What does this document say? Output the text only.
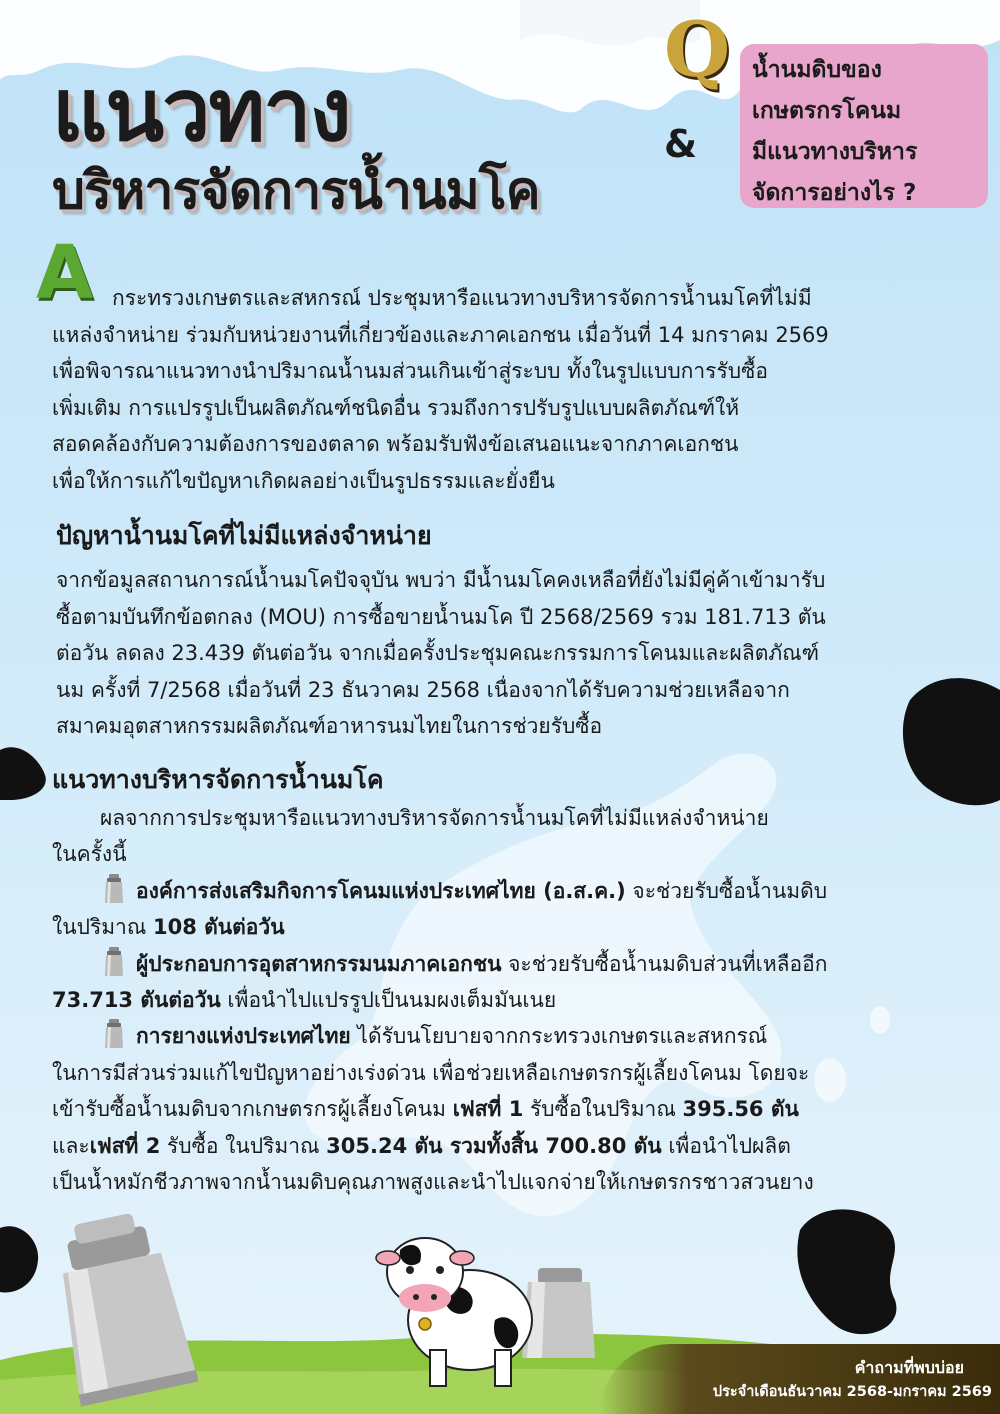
แนวทาง
บริหารจัดการน้ำนมโค
Q
&
น้ำนมดิบของ
เกษตรกรโคนม
มีแนวทางบริหาร
จัดการอย่างไร ?
A กระทรวงเกษตรและสหกรณ์ ประชุมหารือแนวทางบริหารจัดการน้ำนมโคที่ไม่มี
แหล่งจำหน่าย ร่วมกับหน่วยงานที่เกี่ยวข้องและภาคเอกชน เมื่อวันที่ 14 มกราคม 2569
เพื่อพิจารณาแนวทางนำปริมาณน้ำนมส่วนเกินเข้าสู่ระบบ ทั้งในรูปแบบการรับซื้อ
เพิ่มเติม การแปรรูปเป็นผลิตภัณฑ์ชนิดอื่น รวมถึงการปรับรูปแบบผลิตภัณฑ์ให้
สอดคล้องกับความต้องการของตลาด พร้อมรับฟังข้อเสนอแนะจากภาคเอกชน
เพื่อให้การแก้ไขปัญหาเกิดผลอย่างเป็นรูปธรรมและยั่งยืน
ปัญหาน้ำนมโคที่ไม่มีแหล่งจำหน่าย
จากข้อมูลสถานการณ์น้ำนมโคปัจจุบัน พบว่า มีน้ำนมโคคงเหลือที่ยังไม่มีคู่ค้าเข้ามารับ
ซื้อตามบันทึกข้อตกลง (MOU) การซื้อขายน้ำนมโค ปี 2568/2569 รวม 181.713 ตัน
ต่อวัน ลดลง 23.439 ตันต่อวัน จากเมื่อครั้งประชุมคณะกรรมการโคนมและผลิตภัณฑ์
นม ครั้งที่ 7/2568 เมื่อวันที่ 23 ธันวาคม 2568 เนื่องจากได้รับความช่วยเหลือจาก
สมาคมอุตสาหกรรมผลิตภัณฑ์อาหารนมไทยในการช่วยรับซื้อ
แนวทางบริหารจัดการน้ำนมโค
ผลจากการประชุมหารือแนวทางบริหารจัดการน้ำนมโคที่ไม่มีแหล่งจำหน่าย
ในครั้งนี้
องค์การส่งเสริมกิจการโคนมแห่งประเทศไทย (อ.ส.ค.) จะช่วยรับซื้อน้ำนมดิบ
ในปริมาณ 108 ตันต่อวัน
ผู้ประกอบการอุตสาหกรรมนมภาคเอกชน จะช่วยรับซื้อน้ำนมดิบส่วนที่เหลืออีก
73.713 ตันต่อวัน เพื่อนำไปแปรรูปเป็นนมผงเต็มมันเนย
การยางแห่งประเทศไทย ได้รับนโยบายจากกระทรวงเกษตรและสหกรณ์
ในการมีส่วนร่วมแก้ไขปัญหาอย่างเร่งด่วน เพื่อช่วยเหลือเกษตรกรผู้เลี้ยงโคนม โดยจะ
เข้ารับซื้อน้ำนมดิบจากเกษตรกรผู้เลี้ยงโคนม เฟสที่ 1 รับซื้อในปริมาณ 395.56 ตัน
และเฟสที่ 2 รับซื้อ ในปริมาณ 305.24 ตัน รวมทั้งสิ้น 700.80 ตัน เพื่อนำไปผลิต
เป็นน้ำหมักชีวภาพจากน้ำนมดิบคุณภาพสูงและนำไปแจกจ่ายให้เกษตรกรชาวสวนยาง
คำถามที่พบบ่อย
ประจำเดือนธันวาคม 2568-มกราคม 2569
